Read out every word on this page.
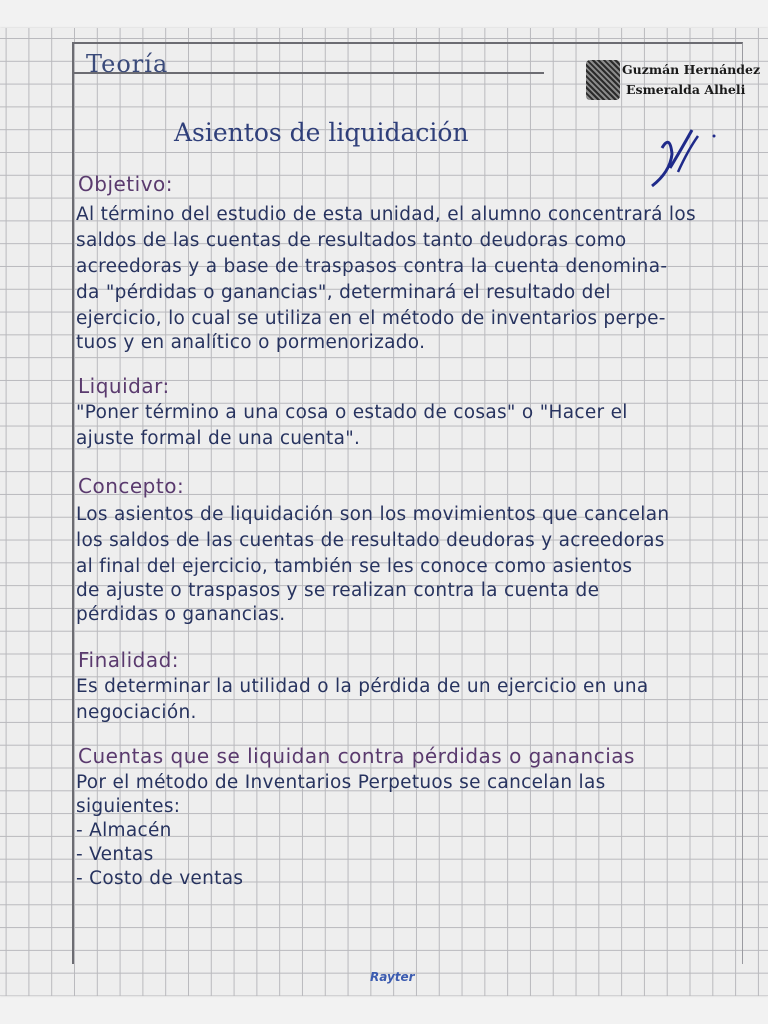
Teoría	Guzmán Hernández
Esmeralda Alheli
Asientos de liquidación
Objetivo:
Al término del estudio de esta unidad, el alumno concentrará los
saldos de las cuentas de resultados tanto deudoras como
acreedoras y a base de traspasos contra la cuenta denomina-
da "pérdidas o ganancias", determinará el resultado del
ejercicio, lo cual se utiliza en el método de inventarios perpe-
tuos y en analítico o pormenorizado.
Liquidar:
"Poner término a una cosa o estado de cosas" o "Hacer el
ajuste formal de una cuenta".
Concepto:
Los asientos de liquidación son los movimientos que cancelan
los saldos de las cuentas de resultado deudoras y acreedoras
al final del ejercicio, también se les conoce como asientos
de ajuste o traspasos y se realizan contra la cuenta de
pérdidas o ganancias.
Finalidad:
Es determinar la utilidad o la pérdida de un ejercicio en una
negociación.
Cuentas que se liquidan contra pérdidas o ganancias
Por el método de Inventarios Perpetuos se cancelan las
siguientes:
- Almacén
- Ventas
- Costo de ventas
Rayter
